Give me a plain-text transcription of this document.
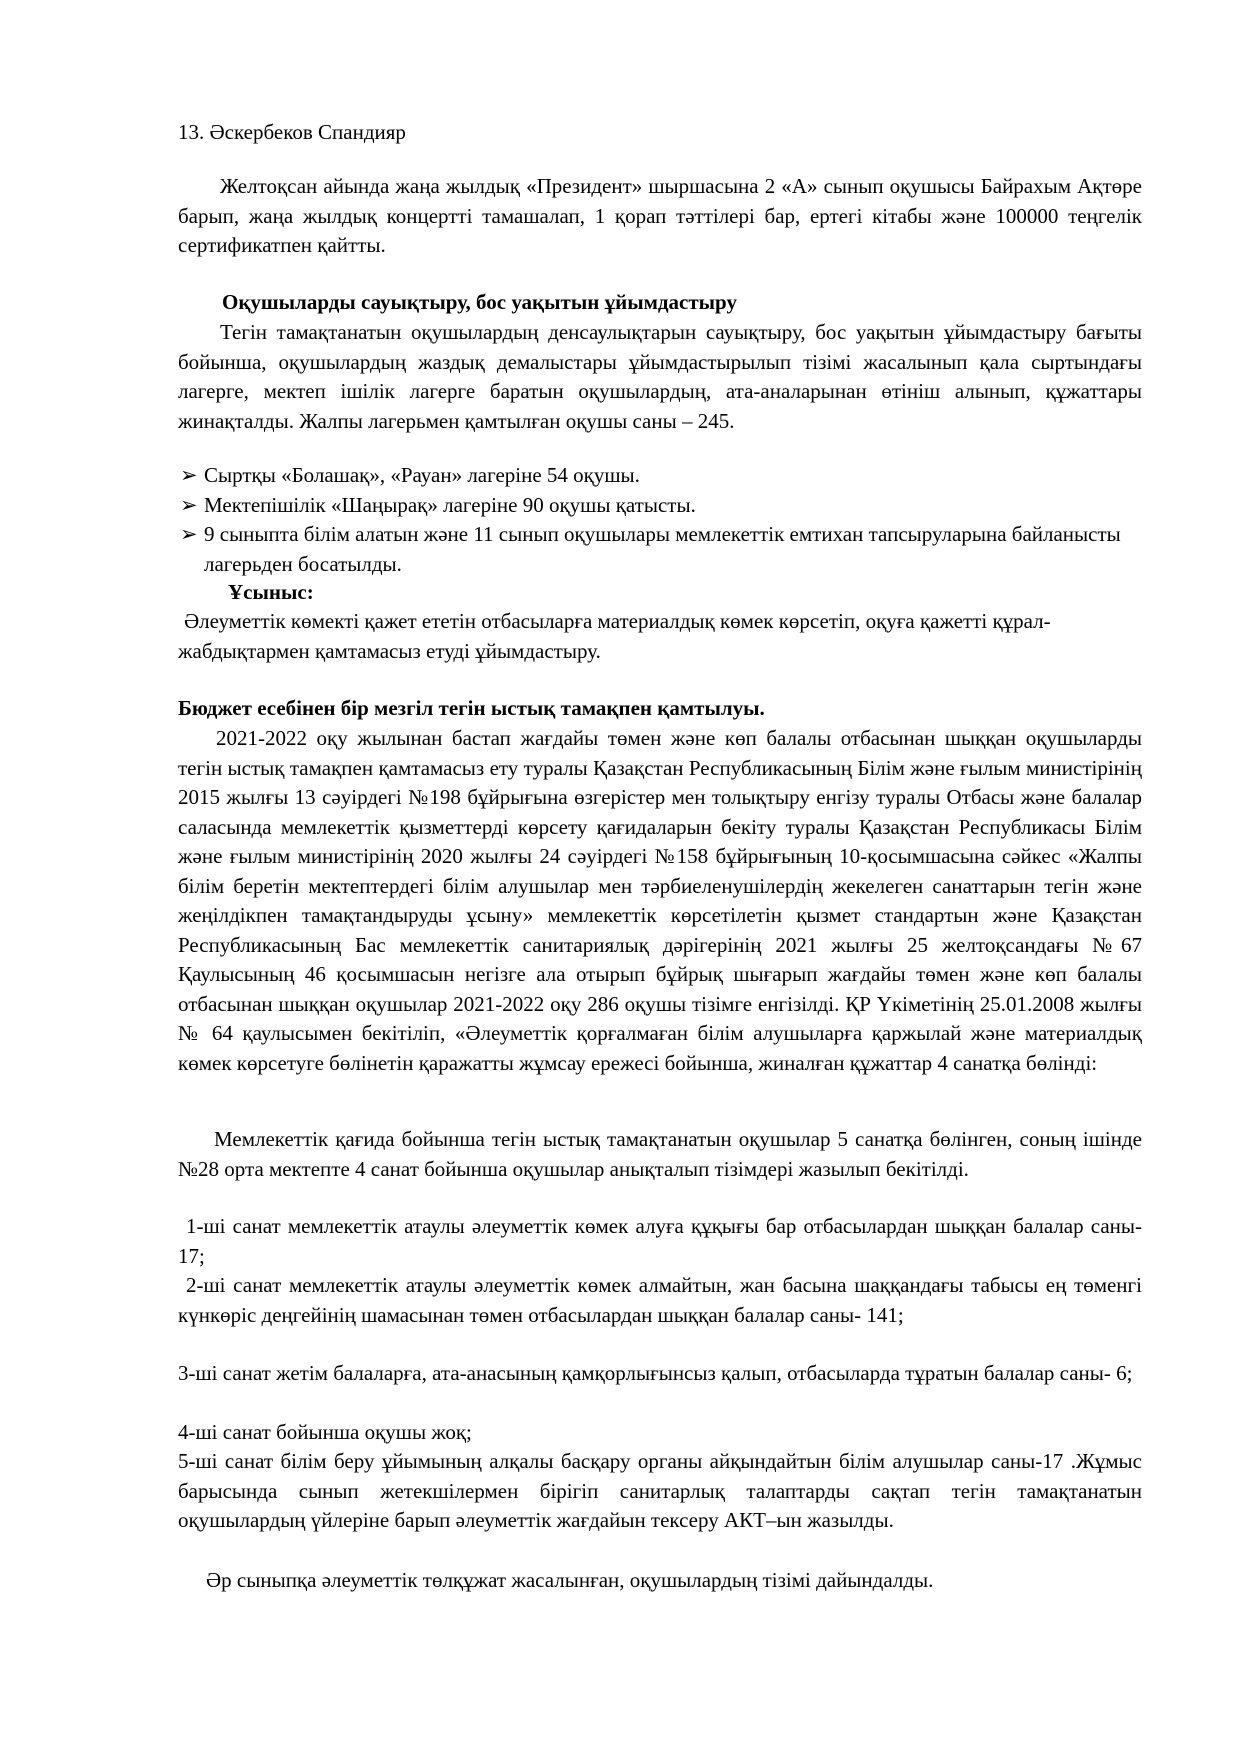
13. Әскербеков Спандияр

Желтоқсан айында жаңа жылдық «Президент» шыршасына 2 «А» сынып оқушысы Байрахым Ақтөре барып, жаңа жылдық концертті тамашалап, 1 қорап тәттілері бар, ертегі кітабы және 100000 теңгелік сертификатпен қайтты.

Оқушыларды сауықтыру, бос уақытын ұйымдастыру

Тегін тамақтанатын оқушылардың денсаулықтарын сауықтыру, бос уақытын ұйымдастыру бағыты бойынша, оқушылардың жаздық демалыстары ұйымдастырылып тізімі жасалынып қала сыртындағы лагерге, мектеп ішілік лагерге баратын оқушылардың, ата-аналарынан өтініш алынып, құжаттары жинақталды. Жалпы лагерьмен қамтылған оқушы саны – 245.

➢ Сыртқы «Болашақ», «Рауан» лагеріне 54 оқушы.
➢ Мектепішілік «Шаңырақ» лагеріне 90 оқушы қатысты.
➢ 9 сыныпта білім алатын және 11 сынып оқушылары мемлекеттік емтихан тапсыруларына байланысты лагерьден босатылды.

Ұсыныс:

Әлеуметтік көмекті қажет ететін отбасыларға материалдық көмек көрсетіп, оқуға қажетті құрал-жабдықтармен қамтамасыз етуді ұйымдастыру.

Бюджет есебінен бір мезгіл тегін ыстық тамақпен қамтылуы.

2021-2022 оқу жылынан бастап жағдайы төмен және көп балалы отбасынан шыққан оқушыларды тегін ыстық тамақпен қамтамасыз ету туралы Қазақстан Республикасының Білім және ғылым министірінің 2015 жылғы 13 сәуірдегі №198 бұйрығына өзгерістер мен толықтыру енгізу туралы Отбасы және балалар саласында мемлекеттік қызметтерді көрсету қағидаларын бекіту туралы Қазақстан Республикасы Білім және ғылым министірінің 2020 жылғы 24 сәуірдегі №158 бұйрығының 10-қосымшасына сәйкес «Жалпы білім беретін мектептердегі білім алушылар мен тәрбиеленушілердің жекелеген санаттарын тегін және жеңілдікпен тамақтандыруды ұсыну» мемлекеттік көрсетілетін қызмет стандартын және Қазақстан Республикасының Бас мемлекеттік санитариялық дәрігерінің 2021 жылғы 25 желтоқсандағы №67 Қаулысының 46 қосымшасын негізге ала отырып бұйрық шығарып жағдайы төмен және көп балалы отбасынан шыққан оқушылар 2021-2022 оқу 286 оқушы тізімге енгізілді. ҚР Үкіметінің 25.01.2008 жылғы № 64 қаулысымен бекітіліп, «Әлеуметтік қорғалмаған білім алушыларға қаржылай және материалдық көмек көрсетуге бөлінетін қаражатты жұмсау ережесі бойынша, жиналған құжаттар 4 санатқа бөлінді:

Мемлекеттік қағида бойынша тегін ыстық тамақтанатын оқушылар 5 санатқа бөлінген, соның ішінде №28 орта мектепте 4 санат бойынша оқушылар анықталып тізімдері жазылып бекітілді.

1-ші санат мемлекеттік атаулы әлеуметтік көмек алуға құқығы бар отбасылардан шыққан балалар саны- 17;

2-ші санат мемлекеттік атаулы әлеуметтік көмек алмайтын, жан басына шаққандағы табысы ең төменгі күнкөріс деңгейінің шамасынан төмен отбасылардан шыққан балалар саны- 141;

3-ші санат жетім балаларға, ата-анасының қамқорлығынсыз қалып, отбасыларда тұратын балалар саны- 6;

4-ші санат бойынша оқушы жоқ;

5-ші санат білім беру ұйымының алқалы басқару органы айқындайтын білім алушылар саны-17 .Жұмыс барысында сынып жетекшілермен бірігіп санитарлық талаптарды сақтап тегін тамақтанатын оқушылардың үйлеріне барып әлеуметтік жағдайын тексеру АКТ–ын жазылды.

Әр сыныпқа әлеуметтік төлқұжат жасалынған, оқушылардың тізімі дайындалды.
